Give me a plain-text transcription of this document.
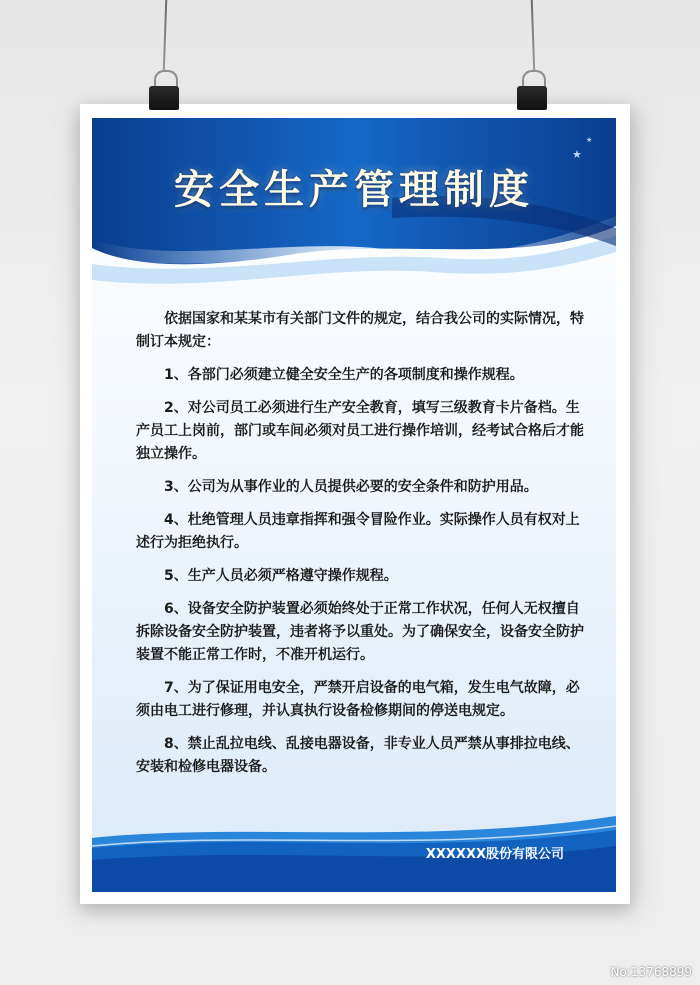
★
★
安全生产管理制度

依据国家和某某市有关部门文件的规定，结合我公司的实际情况，特制订本规定：

1、各部门必须建立健全安全生产的各项制度和操作规程。

2、对公司员工必须进行生产安全教育，填写三级教育卡片备档。生产员工上岗前，部门或车间必须对员工进行操作培训，经考试合格后才能独立操作。

3、公司为从事作业的人员提供必要的安全条件和防护用品。

4、杜绝管理人员违章指挥和强令冒险作业。实际操作人员有权对上述行为拒绝执行。

5、生产人员必须严格遵守操作规程。

6、设备安全防护装置必须始终处于正常工作状况，任何人无权擅自拆除设备安全防护装置，违者将予以重处。为了确保安全，设备安全防护装置不能正常工作时，不准开机运行。

7、为了保证用电安全，严禁开启设备的电气箱，发生电气故障，必须由电工进行修理，并认真执行设备检修期间的停送电规定。

8、禁止乱拉电线、乱接电器设备，非专业人员严禁从事排拉电线、安装和检修电器设备。

XXXXXX股份有限公司
No:13768899
